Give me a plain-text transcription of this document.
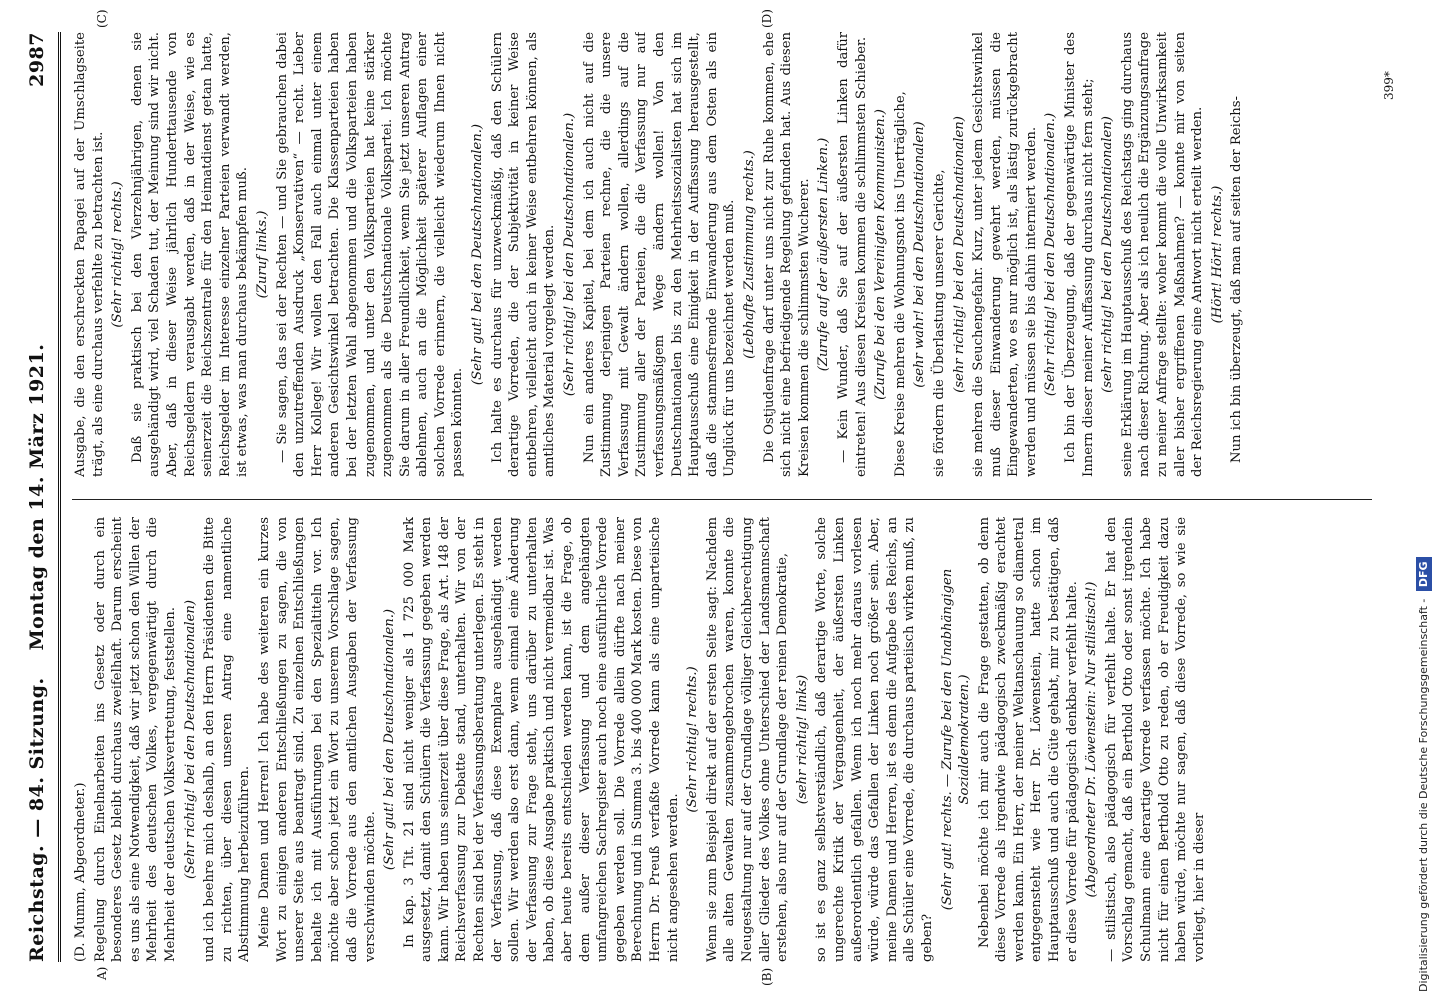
Reichstag. — 84. Sitzung.
Montag den 14. März 1921.
2987
A)	(B)
(C)	(D)

(D. Mumm, Abgeordneter.) Regelung durch Einelnarbeiten ins Gesetz oder durch ein besonderes Gesetz bleibt durchaus zweifelhaft. Darum erscheint es uns als eine Notwendigkeit, daß wir jetzt schon den Willen der Mehrheit des deutschen Volkes, vergegenwärtigt durch die Mehrheit der deutschen Volksvertretung, feststellen. (Sehr richtig! bei den Deutschnationalen) und ich beehre mich deshalb, an den Herrn Präsidenten die Bitte zu richten, über diesen unseren Antrag eine namentliche Abstimmung herbeizuführen. Meine Damen und Herren! Ich habe des weiteren ein kurzes Wort zu einigen anderen Entschließungen zu sagen, die von unserer Seite aus beantragt sind. Zu einzelnen Entschließungen behalte ich mit Ausführungen bei den Spezialtiteln vor. Ich möchte aber schon jetzt ein Wort zu unserem Vorschlage sagen, daß die Vorrede aus den amtlichen Ausgaben der Verfassung verschwinden möchte.

(Sehr gut! bei den Deutschnationalen.) In Kap. 3 Tit. 21 sind nicht weniger als 1 725 000 Mark ausgesetzt, damit den Schülern die Verfassung gegeben werden kann. Wir haben uns seinerzeit über diese Frage, als Art. 148 der Reichsverfassung zur Debatte stand, unterhalten. Wir von der Rechten sind bei der Verfassungsberatung unterlegen. Es steht in der Verfassung, daß diese Exemplare ausgehändigt werden sollen. Wir werden also erst dann, wenn einmal eine Änderung der Verfassung zur Frage steht, uns darüber zu unterhalten haben, ob diese Ausgabe praktisch und nicht vermeidbar ist. Was aber heute bereits entschieden werden kann, ist die Frage, ob dem außer dieser Verfassung und dem angehängten umfangreichen Sachregister auch noch eine ausführliche Vorrede gegeben werden soll. Die Vorrede allein dürfte nach meiner Berechnung und in Summa 3. bis 400 000 Mark kosten. Diese von Herrn Dr. Preuß verfaßte Vorrede kann als eine unparteiische nicht angesehen werden.

(Sehr richtig! rechts.) Wenn sie zum Beispiel direkt auf der ersten Seite sagt: Nachdem alle alten Gewalten zusammengebrochen waren, konnte die Neugestaltung nur auf der Grundlage völliger Gleichberechtigung aller Glieder des Volkes ohne Unterschied der Landsmannschaft erstehen, also nur auf der Grundlage der reinen Demokratie, (sehr richtig! links) so ist es ganz selbstverständlich, daß derartige Worte, solche ungerechte Kritik der Vergangenheit, der äußersten Linken außerordentlich gefallen. Wenn ich noch mehr daraus vorlesen würde, würde das Gefallen der Linken noch größer sein. Aber, meine Damen und Herren, ist es denn die Aufgabe des Reichs, an alle Schüler eine Vorrede, die durchaus parteiisch wirken muß, zu geben?

(Sehr gut! rechts. — Zurufe bei den Unabhängigen Sozialdemokraten.) Nebenbei möchte ich mir auch die Frage gestatten, ob denn diese Vorrede als irgendwie pädagogisch zweckmäßig erachtet werden kann. Ein Herr, der meiner Weltanschauung so diametral entgegensteht wie Herr Dr. Löwenstein, hatte schon im Hauptausschuß und auch die Güte gehabt, mir zu bestätigen, daß er diese Vorrede für pädagogisch denkbar verfehlt halte. (Abgeordneter Dr. Löwenstein: Nur stilistisch!) — stilistisch, also pädagogisch für verfehlt halte. Er hat den Vorschlag gemacht, daß ein Berthold Otto oder sonst irgendein Schulmann eine derartige Vorrede verfassen möchte. Ich habe nicht für einen Berthold Otto zu reden, ob er Freudigkeit dazu haben würde, möchte nur sagen, daß diese Vorrede, so wie sie vorliegt, hier in dieser

Ausgabe, die den erschreckten Papagei auf der Umschlagseite trägt, als eine durchaus verfehlte zu betrachten ist. (Sehr richtig! rechts.) Daß sie praktisch bei den Vierzehnjährigen, denen sie ausgehändigt wird, viel Schaden tut, der Meinung sind wir nicht. Aber, daß in dieser Weise jährlich Hunderttausende von Reichsgeldern verausgabt werden, daß in der Weise, wie es seinerzeit die Reichszentrale für den Heimatdienst getan hatte, Reichsgelder im Interesse einzelner Parteien verwandt werden, ist etwas, was man durchaus bekämpfen muß. (Zuruf links.) — Sie sagen, das sei der Rechten — und Sie gebrauchen dabei den unzutreffenden Ausdruck „Konservativen“ — recht. Lieber Herr Kollege! Wir wollen den Fall auch einmal unter einem anderen Gesichtswinkel betrachten. Die Klassenparteien haben bei der letzten Wahl abgenommen und die Volksparteien haben zugenommen, und unter den Volksparteien hat keine stärker zugenommen als die Deutschnationale Volkspartei. Ich möchte Sie darum in aller Freundlichkeit, wenn Sie jetzt unseren Antrag ablehnen, auch an die Möglichkeit späterer Auflagen einer solchen Vorrede erinnern, die vielleicht wiederum Ihnen nicht passen könnten.

(Sehr gut! bei den Deutschnationalen.) Ich halte es durchaus für unzweckmäßig, daß den Schülern derartige Vorreden, die der Subjektivität in keiner Weise entbehren, vielleicht auch in keiner Weise entbehren können, als amtliches Material vorgelegt werden. (Sehr richtig! bei den Deutschnationalen.) Nun ein anderes Kapitel, bei dem ich auch nicht auf die Zustimmung derjenigen Parteien rechne, die die unsere Verfassung mit Gewalt ändern wollen, allerdings auf die Zustimmung aller der Parteien, die die Verfassung nur auf verfassungsmäßigem Wege ändern wollen! Von den Deutschnationalen bis zu den Mehrheitssozialisten hat sich im Hauptausschuß eine Einigkeit in der Auffassung herausgestellt, daß die stammesfremde Einwanderung aus dem Osten als ein Unglück für uns bezeichnet werden muß. (Lebhafte Zustimmung rechts.) Die Ostjudenfrage darf unter uns nicht zur Ruhe kommen, ehe sich nicht eine befriedigende Regelung gefunden hat. Aus diesen Kreisen kommen die schlimmsten Wucherer. (Zurufe auf der äußersten Linken.) — Kein Wunder, daß Sie auf der äußersten Linken dafür eintreten! Aus diesen Kreisen kommen die schlimmsten Schieber. (Zurufe bei den Vereinigten Kommunisten.) Diese Kreise mehren die Wohnungsnot ins Unerträgliche, (sehr wahr! bei den Deutschnationalen) sie fördern die Überlastung unserer Gerichte, (sehr richtig! bei den Deutschnationalen) sie mehren die Seuchengefahr. Kurz, unter jedem Gesichtswinkel muß dieser Einwanderung gewehrt werden, müssen die Eingewanderten, wo es nur möglich ist, als lästig zurückgebracht werden und müssen sie bis dahin interniert werden. (Sehr richtig! bei den Deutschnationalen.) Ich bin der Überzeugung, daß der gegenwärtige Minister des Innern dieser meiner Auffassung durchaus nicht fern steht; (sehr richtig! bei den Deutschnationalen) seine Erklärung im Hauptausschuß des Reichstags ging durchaus nach dieser Richtung. Aber als ich neulich die Ergänzungsanfrage zu meiner Anfrage stellte: woher kommt die volle Unwirksamkeit aller bisher ergriffenen Maßnahmen? — konnte mir von seiten der Reichsregierung eine Antwort nicht erteilt werden. (Hört! Hört! rechts.) Nun ich bin überzeugt, daß man auf seiten der Reichs-

399*
Digitalisierung gefördert durch die Deutsche Forschungsgemeinschaft - DFG
